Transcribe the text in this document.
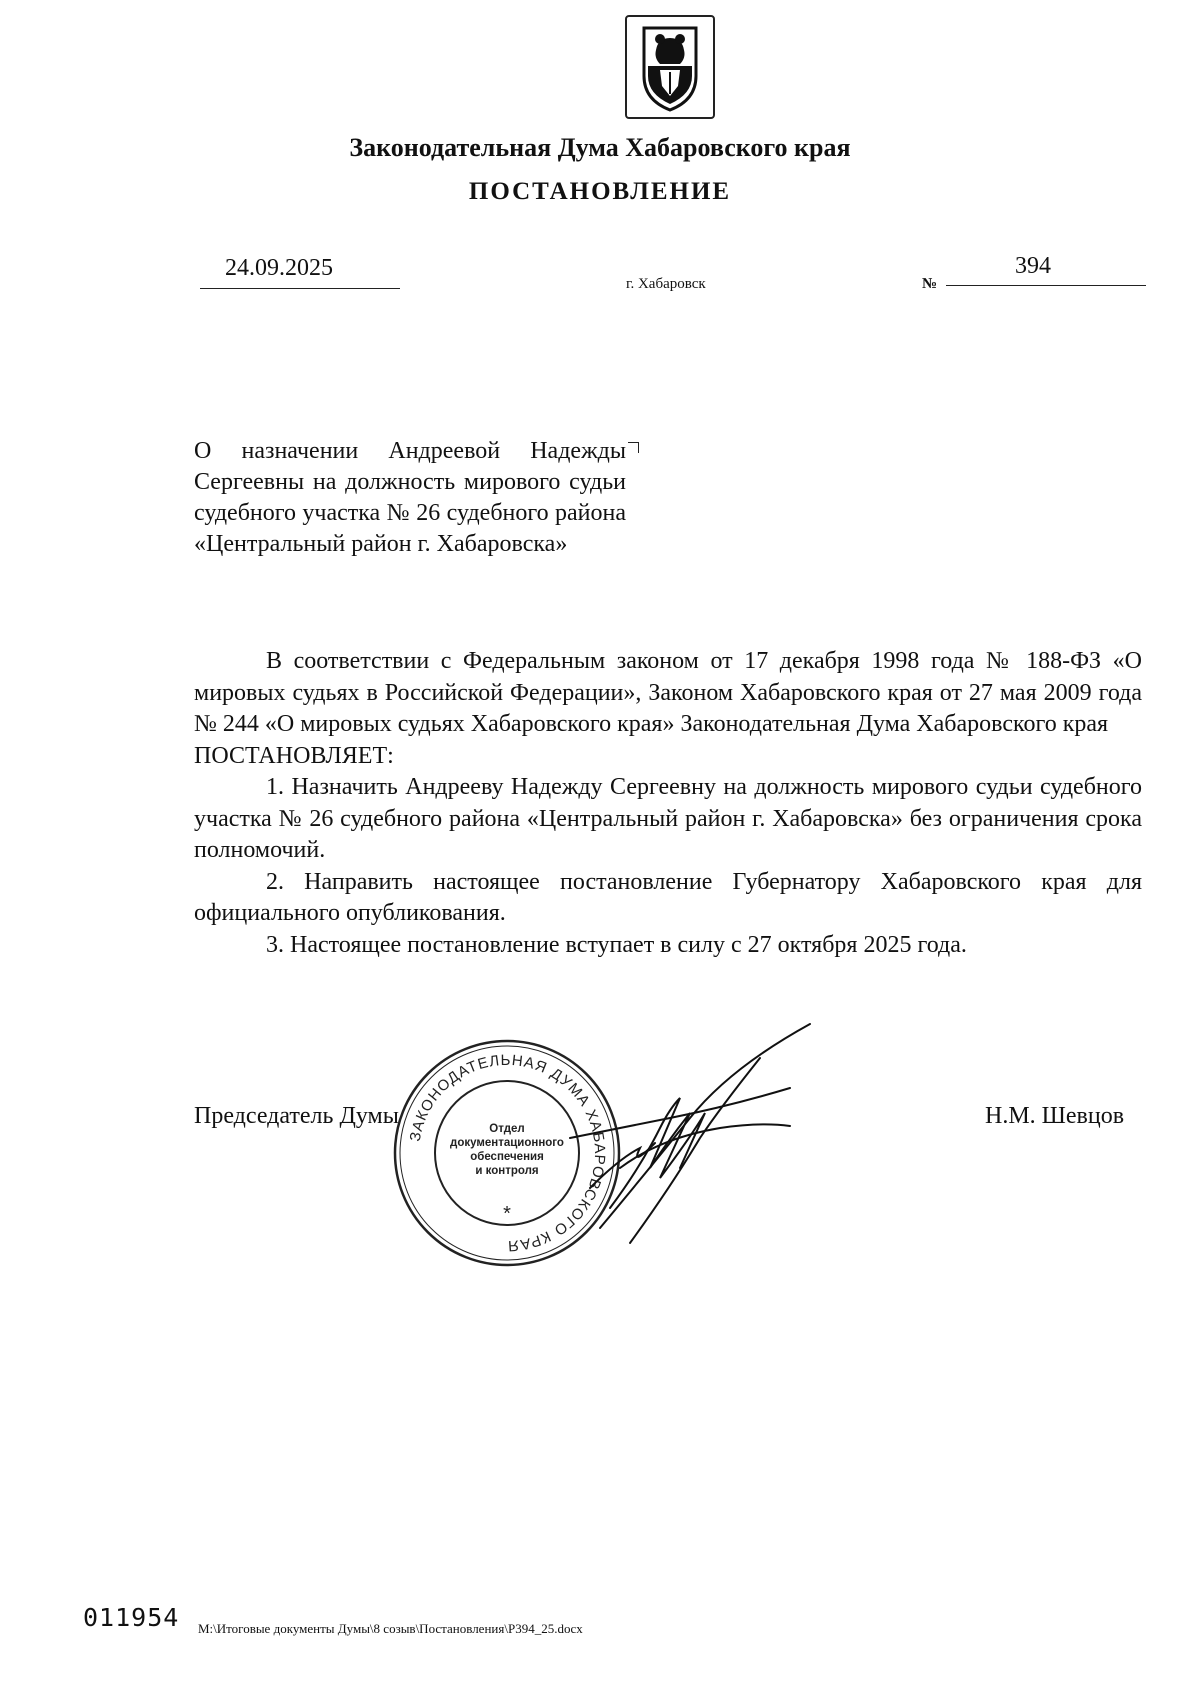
Законодательная Дума Хабаровского края
ПОСТАНОВЛЕНИЕ
24.09.2025
г. Хабаровск	№
394
О назначении Андреевой Надежды Сергеевны на должность мирового судьи судебного участка № 26 судебного района «Центральный район г. Хабаровска»

В соответствии с Федеральным законом от 17 декабря 1998 года № 188-ФЗ «О мировых судьях в Российской Федерации», Законом Хабаровского края от 27 мая 2009 года № 244 «О мировых судьях Хабаровского края» Законодательная Дума Хабаровского края

ПОСТАНОВЛЯЕТ:

1. Назначить Андрееву Надежду Сергеевну на должность мирового судьи судебного участка № 26 судебного района «Центральный район г. Хабаровска» без ограничения срока полномочий.

2. Направить настоящее постановление Губернатору Хабаровского края для официального опубликования.

3. Настоящее постановление вступает в силу с 27 октября 2025 года.

Председатель Думы	Н.М. Шевцов
ЗАКОНОДАТЕЛЬНАЯ ДУМА ХАБАРОВСКОГО КРАЯ
Отдел
документационного
обеспечения
и контроля
*
011954 M:\Итоговые документы Думы\8 созыв\Постановления\P394_25.docx
